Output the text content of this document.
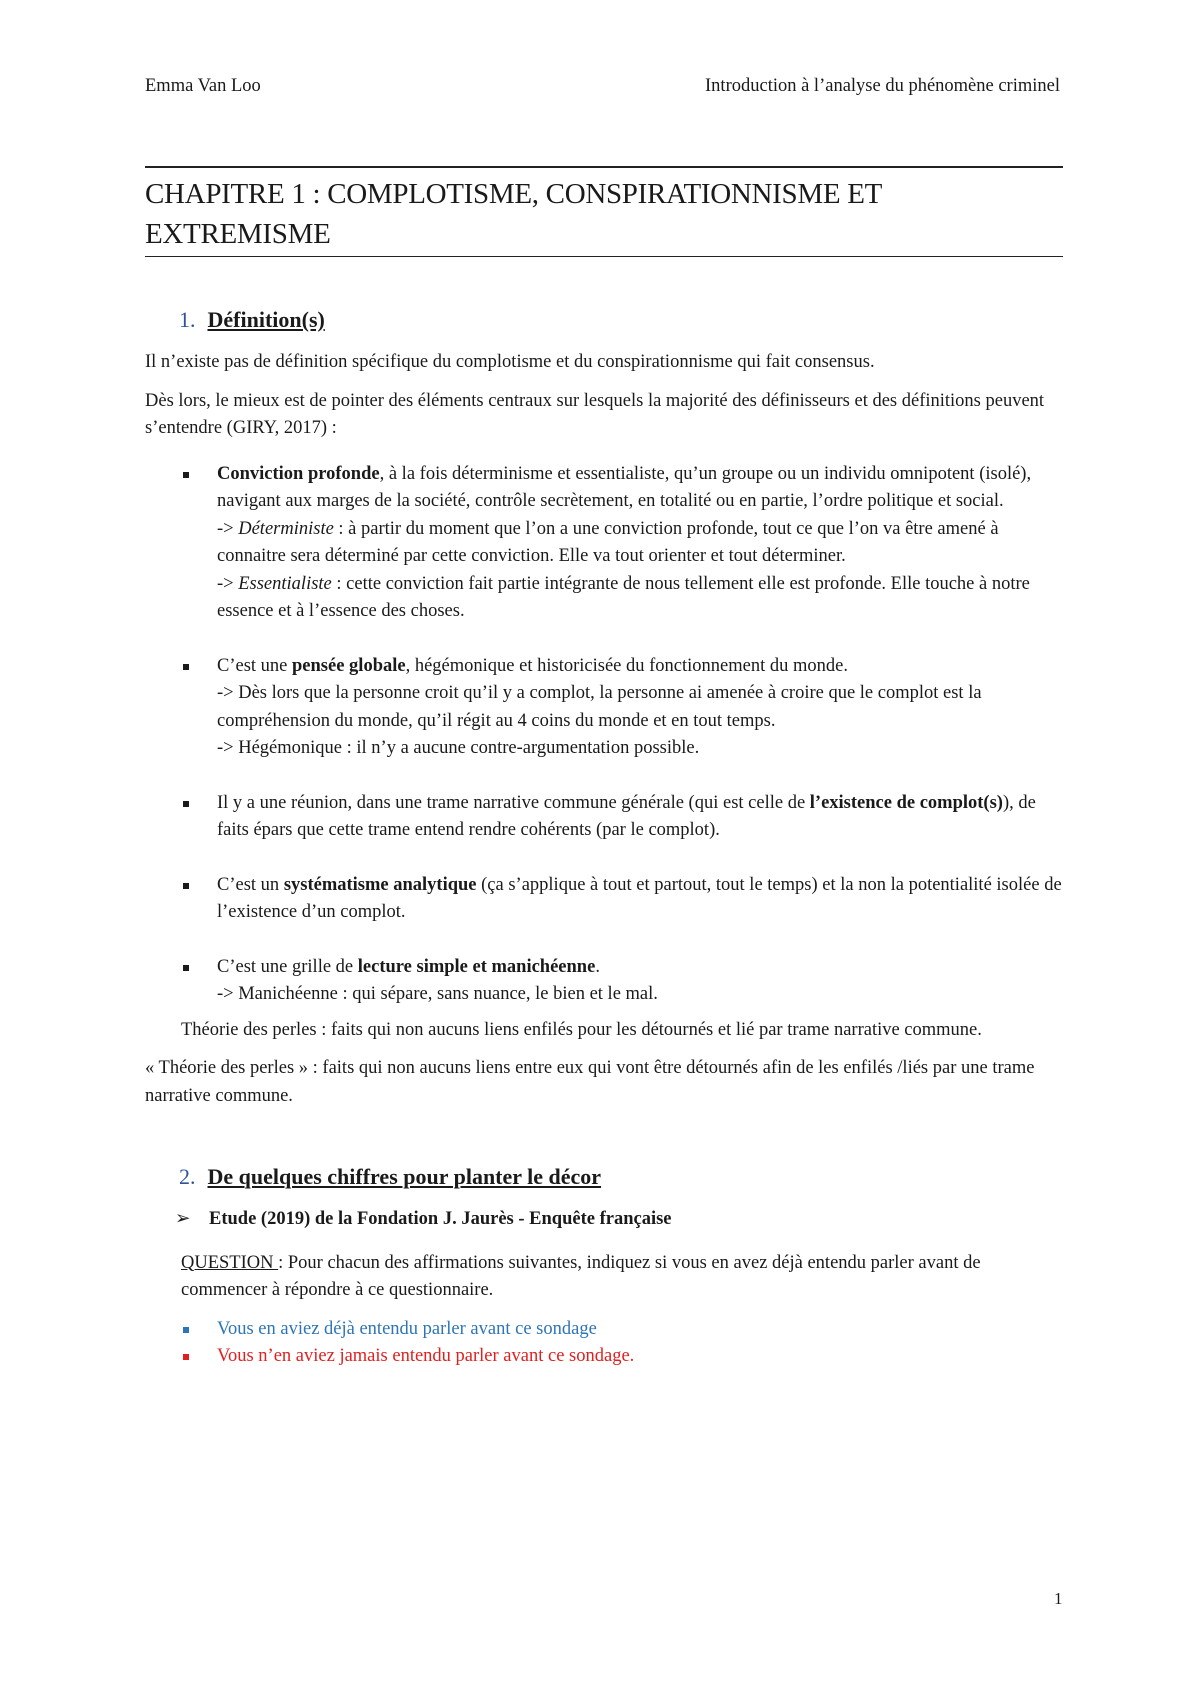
Emma Van Loo	Introduction à l’analyse du phénomène criminel
CHAPITRE 1 : COMPLOTISME, CONSPIRATIONNISME ET EXTREMISME
1. Définition(s)

Il n’existe pas de définition spécifique du complotisme et du conspirationnisme qui fait consensus.

Dès lors, le mieux est de pointer des éléments centraux sur lesquels la majorité des définisseurs et des définitions peuvent s’entendre (GIRY, 2017) :

Conviction profonde, à la fois déterminisme et essentialiste, qu’un groupe ou un individu omnipotent (isolé), navigant aux marges de la société, contrôle secrètement, en totalité ou en partie, l’ordre politique et social.
-> Déterministe : à partir du moment que l’on a une conviction profonde, tout ce que l’on va être amené à connaitre sera déterminé par cette conviction. Elle va tout orienter et tout déterminer.
-> Essentialiste : cette conviction fait partie intégrante de nous tellement elle est profonde. Elle touche à notre essence et à l’essence des choses.
C’est une pensée globale, hégémonique et historicisée du fonctionnement du monde.
-> Dès lors que la personne croit qu’il y a complot, la personne ai amenée à croire que le complot est la compréhension du monde, qu’il régit au 4 coins du monde et en tout temps.
-> Hégémonique : il n’y a aucune contre-argumentation possible.
Il y a une réunion, dans une trame narrative commune générale (qui est celle de l’existence de complot(s)), de faits épars que cette trame entend rendre cohérents (par le complot).
C’est un systématisme analytique (ça s’applique à tout et partout, tout le temps) et la non la potentialité isolée de l’existence d’un complot.
C’est une grille de lecture simple et manichéenne.
-> Manichéenne : qui sépare, sans nuance, le bien et le mal.

Théorie des perles : faits qui non aucuns liens enfilés pour les détournés et lié par trame narrative commune.

« Théorie des perles » : faits qui non aucuns liens entre eux qui vont être détournés afin de les enfilés /liés par une trame narrative commune.

2. De quelques chiffres pour planter le décor
➢ Etude (2019) de la Fondation J. Jaurès - Enquête française

QUESTION : Pour chacun des affirmations suivantes, indiquez si vous en avez déjà entendu parler avant de commencer à répondre à ce questionnaire.

Vous en aviez déjà entendu parler avant ce sondage
Vous n’en aviez jamais entendu parler avant ce sondage.
1
